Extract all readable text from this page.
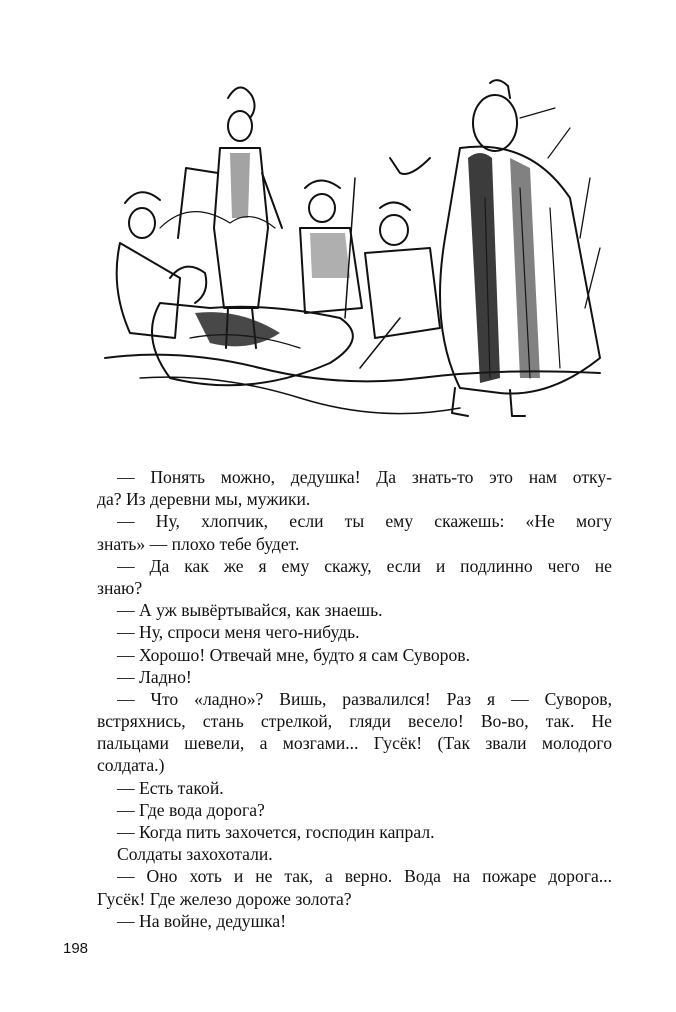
— Понять можно, дедушка! Да знать-то это нам отку-
да? Из деревни мы, мужики.
— Ну, хлопчик, если ты ему скажешь: «Не могу
знать» — плохо тебе будет.
— Да как же я ему скажу, если и подлинно чего не
знаю?
— А уж вывёртывайся, как знаешь.
— Ну, спроси меня чего-нибудь.
— Хорошо! Отвечай мне, будто я сам Суворов.
— Ладно!
— Что «ладно»? Вишь, развалился! Раз я — Суворов,
встряхнись, стань стрелкой, гляди весело! Во-во, так. Не
пальцами шевели, а мозгами... Гусёк! (Так звали молодого
солдата.)
— Есть такой.
— Где вода дорога?
— Когда пить захочется, господин капрал.
Солдаты захохотали.
— Оно хоть и не так, а верно. Вода на пожаре дорога...
Гусёк! Где железо дороже золота?
— На войне, дедушка!
198
